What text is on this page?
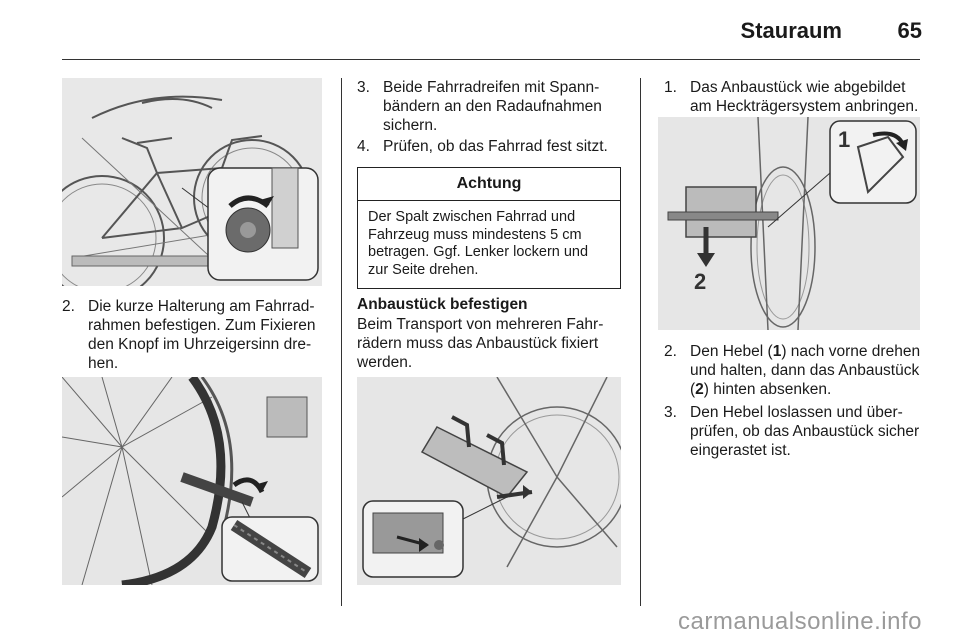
Stauraum	65
2. Die kurze Halterung am Fahrrad-rahmen befestigen. Zum Fixieren den Knopf im Uhrzeigersinn dre-hen.
3. Beide Fahrradreifen mit Spann-bändern an den Radaufnahmen sichern.
4. Prüfen, ob das Fahrrad fest sitzt.
Achtung
Der Spalt zwischen Fahrrad und Fahrzeug muss mindestens 5 cm betragen. Ggf. Lenker lockern und zur Seite drehen.
Anbaustück befestigen
Beim Transport von mehreren Fahr-rädern muss das Anbaustück fixiert werden.
1. Das Anbaustück wie abgebildet am Heckträgersystem anbringen.
2
1
2. Den Hebel (1) nach vorne drehen und halten, dann das Anbaustück (2) hinten absenken.
3. Den Hebel loslassen und über-prüfen, ob das Anbaustück sicher eingerastet ist.
carmanualsonline.info
